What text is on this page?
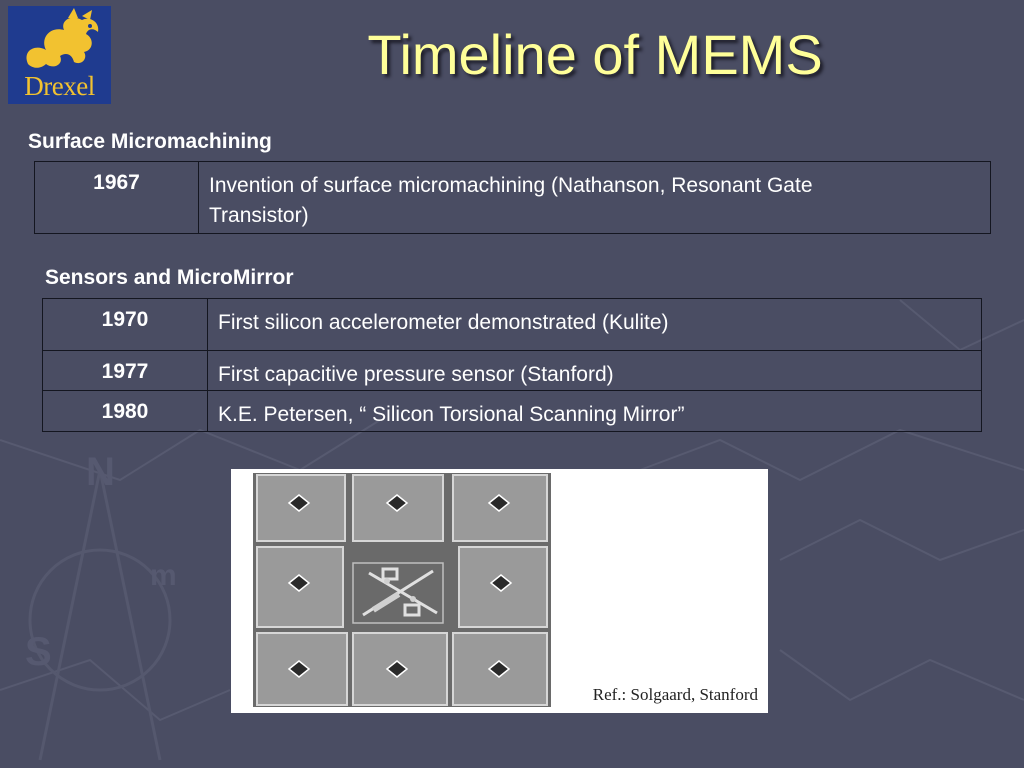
N
S
m
Drexel	Timeline of MEMS
Surface Micromachining
1967	Invention of surface micromachining (Nathanson, Resonant Gate Transistor)
Sensors and MicroMirror
1970	First silicon accelerometer demonstrated (Kulite)
1977	First capacitive pressure sensor (Stanford)
1980	K.E. Petersen, “ Silicon Torsional Scanning Mirror”
Ref.: Solgaard, Stanford
